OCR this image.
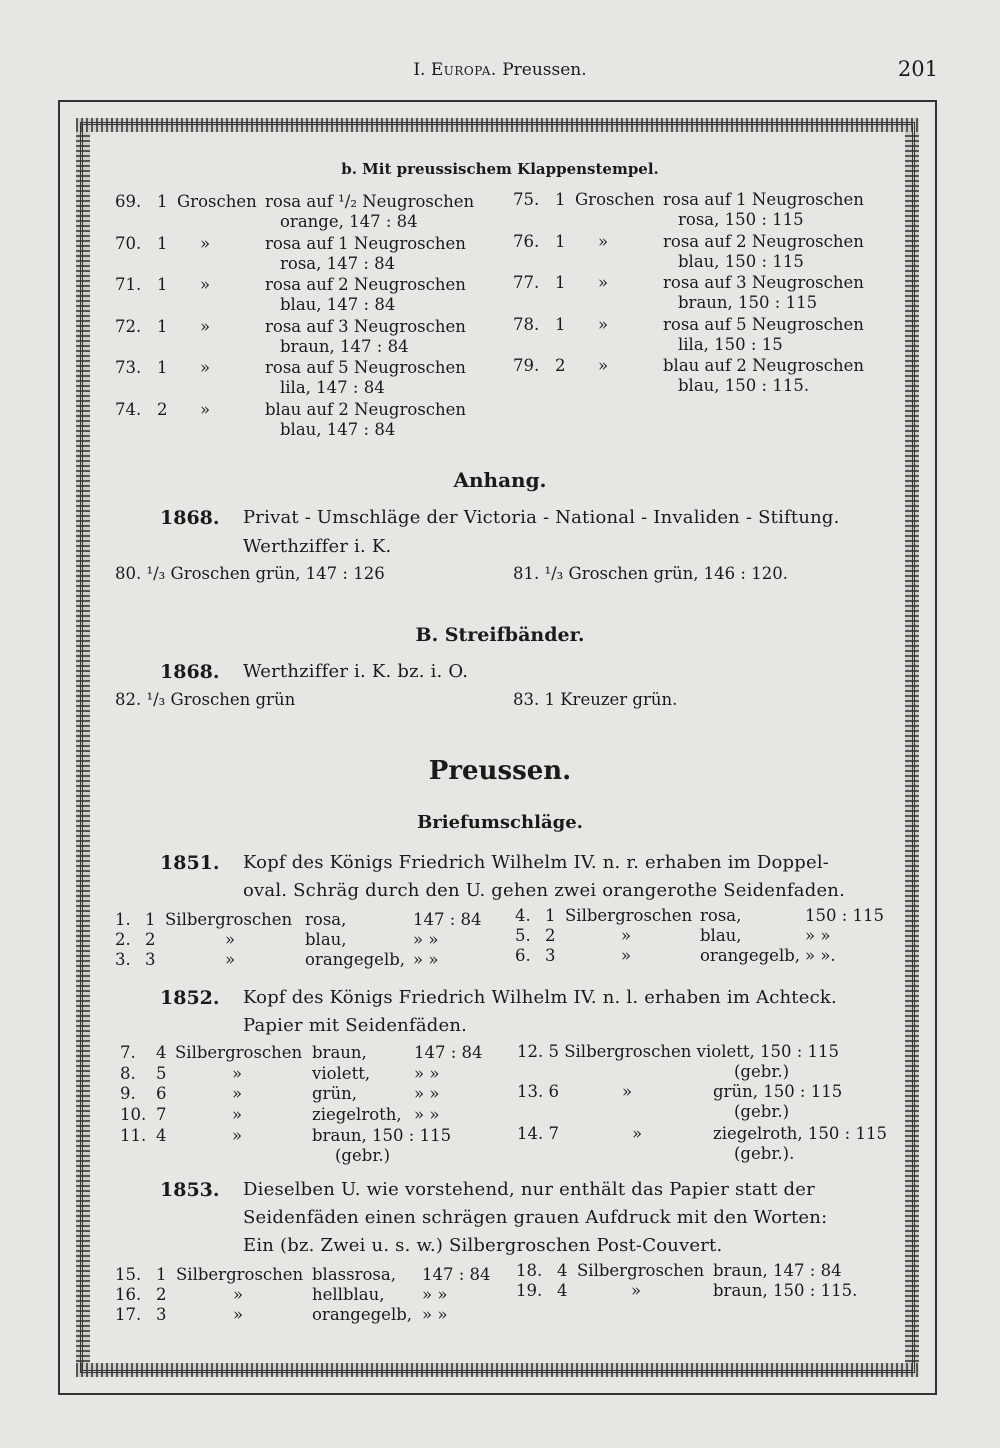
I. Europa. Preussen.	201
b. Mit preussischem Klappenstempel.
69. 1 Groschen rosa auf ¹/₂ Neugroschen
orange, 147 : 84
70. 1 »	rosa auf 1 Neugroschen
rosa, 147 : 84
71. 1 »	rosa auf 2 Neugroschen
blau, 147 : 84
72. 1 »	rosa auf 3 Neugroschen
braun, 147 : 84
73. 1 »	rosa auf 5 Neugroschen
lila, 147 : 84
74. 2 »	blau auf 2 Neugroschen
blau, 147 : 84
75. 1 Groschen rosa auf 1 Neugroschen
rosa, 150 : 115
76. 1 »	rosa auf 2 Neugroschen
blau, 150 : 115
77. 1 »	rosa auf 3 Neugroschen
braun, 150 : 115
78. 1 »	rosa auf 5 Neugroschen
lila, 150 : 15
79. 2 »	blau auf 2 Neugroschen
blau, 150 : 115.
Anhang.
1868. Privat - Umschläge der Victoria - National - Invaliden - Stiftung.
Werthziffer i. K.
80. ¹/₃ Groschen grün, 147 : 126	81. ¹/₃ Groschen grün, 146 : 120.
B. Streifbänder.
1868. Werthziffer i. K. bz. i. O.
82. ¹/₃ Groschen grün	83. 1 Kreuzer grün.
Preussen.
Briefumschläge.
1851. Kopf des Königs Friedrich Wilhelm IV. n. r. erhaben im Doppel-
oval. Schräg durch den U. gehen zwei orangerothe Seidenfaden.
1. 1 Silbergroschen rosa,	147 : 84
2. 2	»	blau,	» »
3. 3	»	orangegelb, » »
4. 1 Silbergroschen rosa,	150 : 115
5. 2	»	blau,	» »
6. 3	»	orangegelb, » ».
1852. Kopf des Königs Friedrich Wilhelm IV. n. l. erhaben im Achteck.
Papier mit Seidenfäden.
7. 4 Silbergroschen braun,	147 : 84
8. 5	»	violett,	» »
9. 6	»	grün,	» »
10. 7	»	ziegelroth, » »
11. 4	»	braun, 150 : 115
(gebr.)
12. 5 Silbergroschen violett, 150 : 115
(gebr.)
13. 6	»	grün, 150 : 115
(gebr.)
14. 7	»	ziegelroth, 150 : 115
(gebr.).
1853. Dieselben U. wie vorstehend, nur enthält das Papier statt der
Seidenfäden einen schrägen grauen Aufdruck mit den Worten:
Ein (bz. Zwei u. s. w.) Silbergroschen Post-Couvert.
15. 1 Silbergroschen blassrosa, 147 : 84
16. 2	»	hellblau, » »
17. 3	»	orangegelb, » »
18. 4 Silbergroschen braun, 147 : 84
19. 4	»	braun, 150 : 115.
